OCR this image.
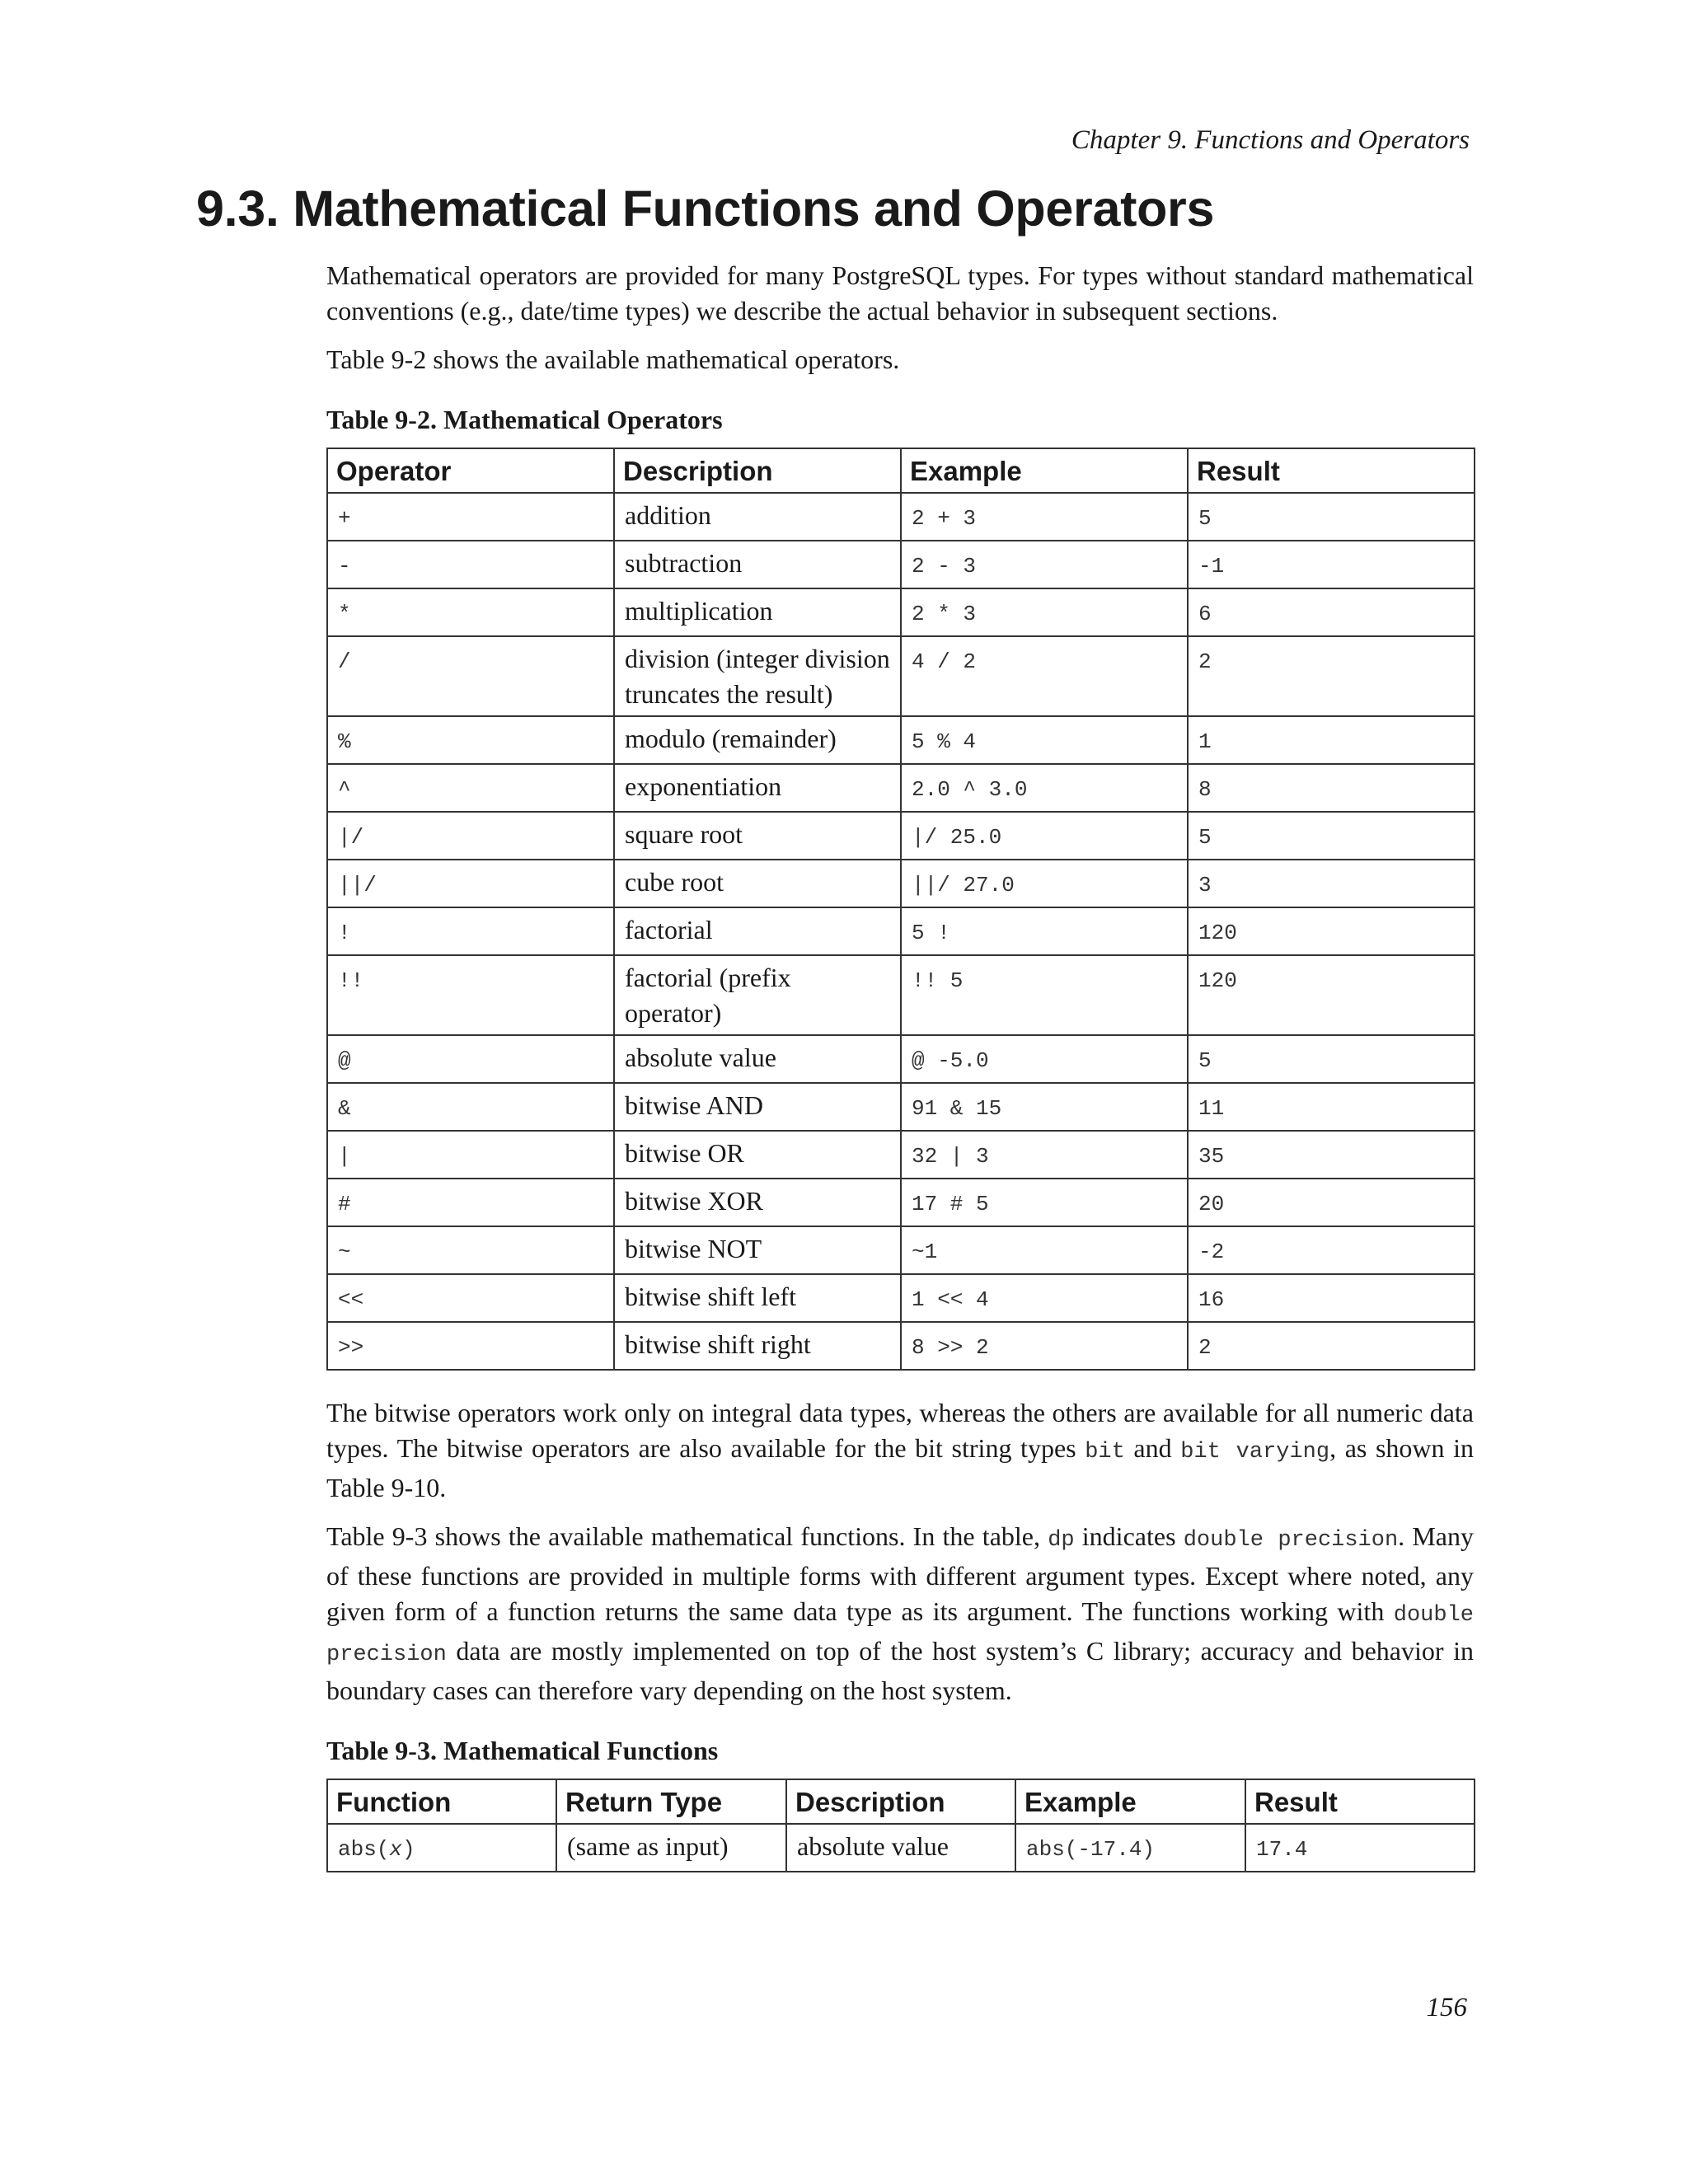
Chapter 9. Functions and Operators
9.3. Mathematical Functions and Operators

Mathematical operators are provided for many PostgreSQL types. For types without standard mathematical conventions (e.g., date/time types) we describe the actual behavior in subsequent sections.

Table 9-2 shows the available mathematical operators.

Table 9-2. Mathematical Operators
Operator	Description	Example	Result
+	addition	2 + 3	5
-	subtraction	2 - 3	-1
*	multiplication	2 * 3	6
/	division (integer division truncates the result)	4 / 2	2
%	modulo (remainder)	5 % 4	1
^	exponentiation	2.0 ^ 3.0	8
|/	square root	|/ 25.0	5
||/	cube root	||/ 27.0	3
!	factorial	5 !	120
!!	factorial (prefix operator)	!! 5	120
@	absolute value	@ -5.0	5
&	bitwise AND	91 & 15	11
|	bitwise OR	32 | 3	35
#	bitwise XOR	17 # 5	20
~	bitwise NOT	~1	-2
<<	bitwise shift left	1 << 4	16
>>	bitwise shift right	8 >> 2	2

The bitwise operators work only on integral data types, whereas the others are available for all numeric data types. The bitwise operators are also available for the bit string types bit and bit varying, as shown in Table 9-10.

Table 9-3 shows the available mathematical functions. In the table, dp indicates double precision. Many of these functions are provided in multiple forms with different argument types. Except where noted, any given form of a function returns the same data type as its argument. The functions working with double precision data are mostly implemented on top of the host system’s C library; accuracy and behavior in boundary cases can therefore vary depending on the host system.

Table 9-3. Mathematical Functions
Function	Return Type	Description	Example	Result
abs(x)	(same as input)	absolute value	abs(-17.4)	17.4
156
